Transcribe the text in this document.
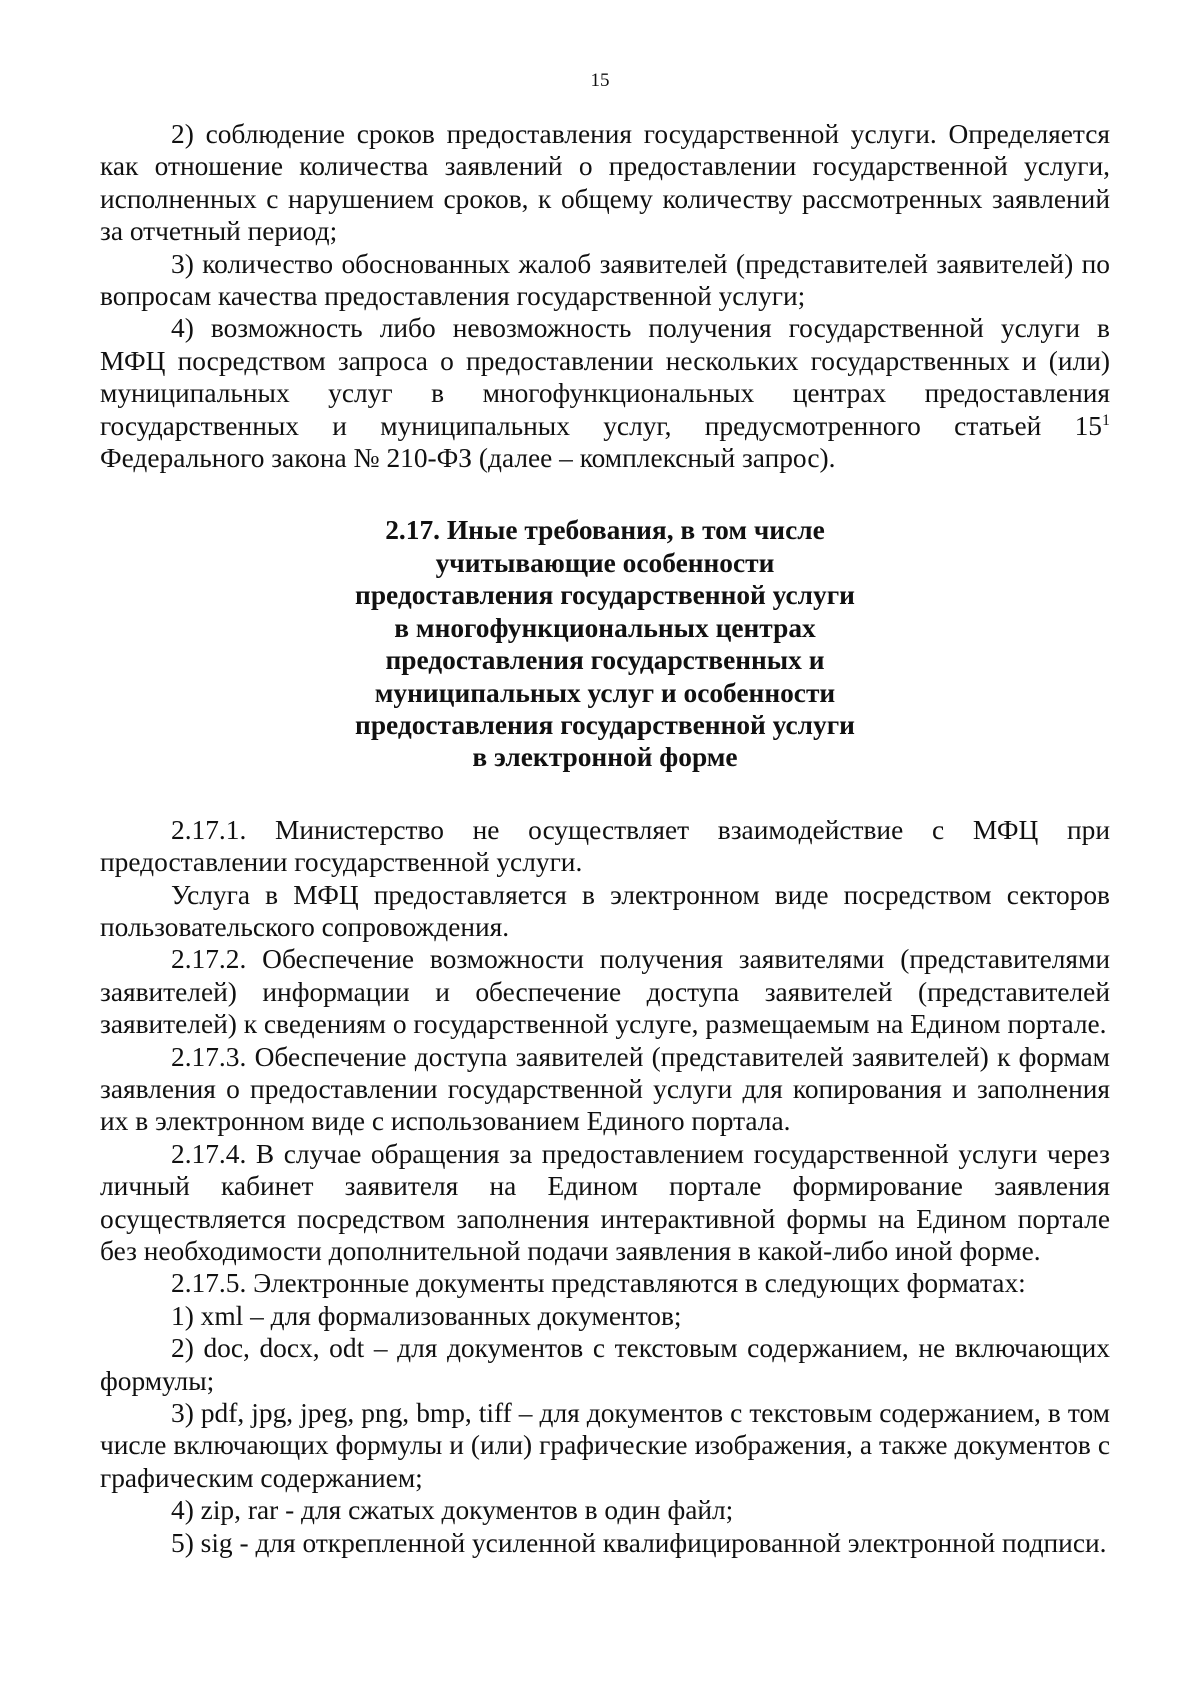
15

2) соблюдение сроков предоставления государственной услуги. Определяется как отношение количества заявлений о предоставлении государственной услуги, исполненных с нарушением сроков, к общему количеству рассмотренных заявлений за отчетный период;

3) количество обоснованных жалоб заявителей (представителей заявителей) по вопросам качества предоставления государственной услуги;

4) возможность либо невозможность получения государственной услуги в МФЦ посредством запроса о предоставлении нескольких государственных и (или) муниципальных услуг в многофункциональных центрах предоставления государственных и муниципальных услуг, предусмотренного статьей $15^1$ Федерального закона № 210-ФЗ (далее – комплексный запрос).

2.17. Иные требования, в том числе
учитывающие особенности
предоставления государственной услуги
в многофункциональных центрах
предоставления государственных и
муниципальных услуг и особенности
предоставления государственной услуги
в электронной форме

2.17.1. Министерство не осуществляет взаимодействие с МФЦ при предоставлении государственной услуги.

Услуга в МФЦ предоставляется в электронном виде посредством секторов пользовательского сопровождения.

2.17.2. Обеспечение возможности получения заявителями (представителями заявителей) информации и обеспечение доступа заявителей (представителей заявителей) к сведениям о государственной услуге, размещаемым на Едином портале.

2.17.3. Обеспечение доступа заявителей (представителей заявителей) к формам заявления о предоставлении государственной услуги для копирования и заполнения их в электронном виде с использованием Единого портала.

2.17.4. В случае обращения за предоставлением государственной услуги через личный кабинет заявителя на Едином портале формирование заявления осуществляется посредством заполнения интерактивной формы на Едином портале без необходимости дополнительной подачи заявления в какой-либо иной форме.

2.17.5. Электронные документы представляются в следующих форматах:

1) xml – для формализованных документов;

2) doc, docx, odt – для документов с текстовым содержанием, не включающих формулы;

3) pdf, jpg, jpeg, png, bmp, tiff – для документов с текстовым содержанием, в том числе включающих формулы и (или) графические изображения, а также документов с графическим содержанием;

4) zip, rar - для сжатых документов в один файл;

5) sig - для открепленной усиленной квалифицированной электронной подписи.
